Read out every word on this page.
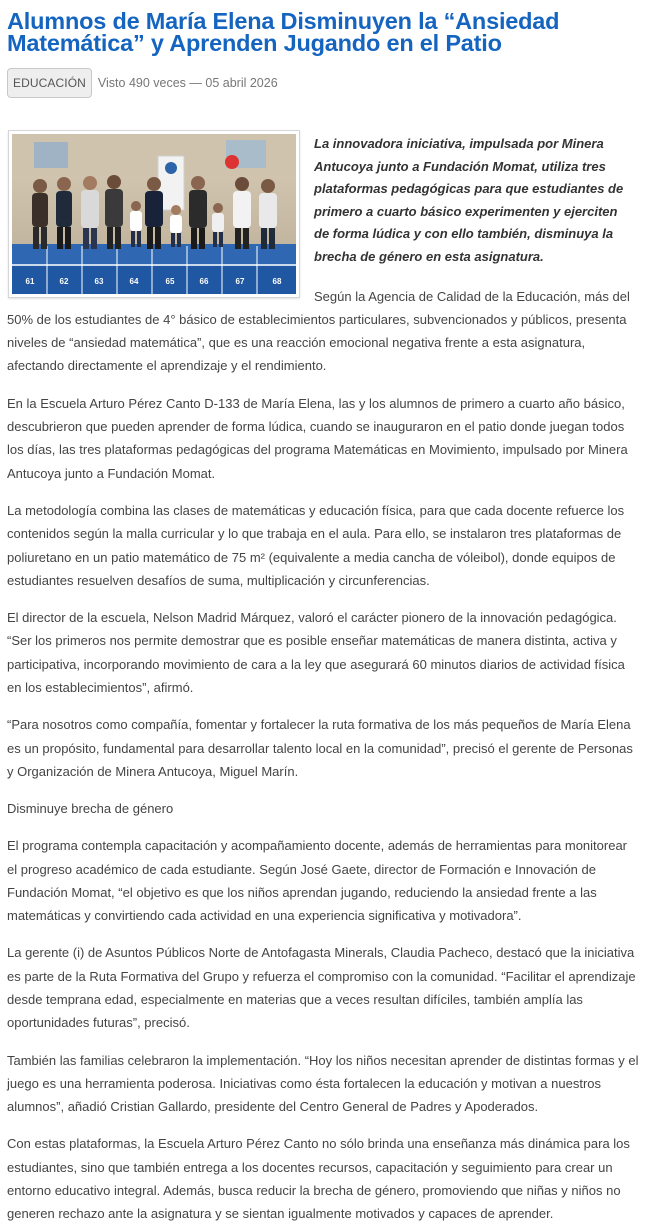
Alumnos de María Elena Disminuyen la “Ansiedad Matemática” y Aprenden Jugando en el Patio
EDUCACIÓN Visto 490 veces — 05 abril 2026
61	62	63	64	65	66	67	68

La innovadora iniciativa, impulsada por Minera Antucoya junto a Fundación Momat, utiliza tres plataformas pedagógicas para que estudiantes de primero a cuarto básico experimenten y ejerciten de forma lúdica y con ello también, disminuya la brecha de género en esta asignatura.

Según la Agencia de Calidad de la Educación, más del 50% de los estudiantes de 4° básico de establecimientos particulares, subvencionados y públicos, presenta niveles de “ansiedad matemática”, que es una reacción emocional negativa frente a esta asignatura, afectando directamente el aprendizaje y el rendimiento.

En la Escuela Arturo Pérez Canto D-133 de María Elena, las y los alumnos de primero a cuarto año básico, descubrieron que pueden aprender de forma lúdica, cuando se inauguraron en el patio donde juegan todos los días, las tres plataformas pedagógicas del programa Matemáticas en Movimiento, impulsado por Minera Antucoya junto a Fundación Momat.

La metodología combina las clases de matemáticas y educación física, para que cada docente refuerce los contenidos según la malla curricular y lo que trabaja en el aula. Para ello, se instalaron tres plataformas de poliuretano en un patio matemático de 75 m² (equivalente a media cancha de vóleibol), donde equipos de estudiantes resuelven desafíos de suma, multiplicación y circunferencias.

El director de la escuela, Nelson Madrid Márquez, valoró el carácter pionero de la innovación pedagógica. “Ser los primeros nos permite demostrar que es posible enseñar matemáticas de manera distinta, activa y participativa, incorporando movimiento de cara a la ley que asegurará 60 minutos diarios de actividad física en los establecimientos”, afirmó.

“Para nosotros como compañía, fomentar y fortalecer la ruta formativa de los más pequeños de María Elena es un propósito, fundamental para desarrollar talento local en la comunidad”, precisó el gerente de Personas y Organización de Minera Antucoya, Miguel Marín.

Disminuye brecha de género

El programa contempla capacitación y acompañamiento docente, además de herramientas para monitorear el progreso académico de cada estudiante. Según José Gaete, director de Formación e Innovación de Fundación Momat, “el objetivo es que los niños aprendan jugando, reduciendo la ansiedad frente a las matemáticas y convirtiendo cada actividad en una experiencia significativa y motivadora”.

La gerente (i) de Asuntos Públicos Norte de Antofagasta Minerals, Claudia Pacheco, destacó que la iniciativa es parte de la Ruta Formativa del Grupo y refuerza el compromiso con la comunidad. “Facilitar el aprendizaje desde temprana edad, especialmente en materias que a veces resultan difíciles, también amplía las oportunidades futuras”, precisó.

También las familias celebraron la implementación. “Hoy los niños necesitan aprender de distintas formas y el juego es una herramienta poderosa. Iniciativas como ésta fortalecen la educación y motivan a nuestros alumnos”, añadió Cristian Gallardo, presidente del Centro General de Padres y Apoderados.

Con estas plataformas, la Escuela Arturo Pérez Canto no sólo brinda una enseñanza más dinámica para los estudiantes, sino que también entrega a los docentes recursos, capacitación y seguimiento para crear un entorno educativo integral. Además, busca reducir la brecha de género, promoviendo que niñas y niños no generen rechazo ante la asignatura y se sientan igualmente motivados y capaces de aprender.
